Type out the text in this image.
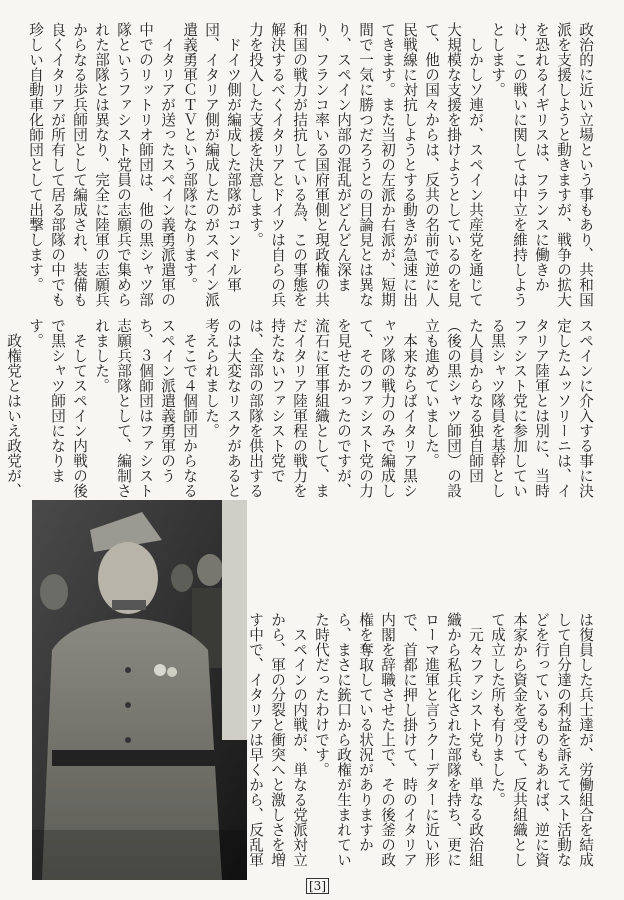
政治的に近い立場という事もあり、共和国派を支援しようと動きますが、戦争の拡大を恐れるイギリスは、フランスに働きかけ、この戦いに関しては中立を維持しようとします。
　しかしソ連が、スペイン共産党を通じて大規模な支援を掛けようとしているのを見て、他の国々からは、反共の名前で逆に人民戦線に対抗しようとする動きが急速に出てきます。また当初の左派か右派が、短期間で一気に勝つだろうとの目論見とは異なり、スペイン内部の混乱がどんどん深まり、フランコ率いる国府軍側と現政権の共和国の戦力が拮抗している為、この事態を解決するべくイタリアとドイツは自らの兵力を投入した支援を決意します。
　ドイツ側が編成した部隊がコンドル軍団、イタリア側が編成したのがスペイン派遣義勇軍ＣＴＶという部隊になります。
　イタリアが送ったスペイン義勇派遣軍の中でのリットリオ師団は、他の黒シャツ部隊というファシスト党員の志願兵で集められた部隊とは異なり、完全に陸軍の志願兵からなる歩兵師団として編成され、装備も良くイタリアが所有して居る部隊の中でも珍しい自動車化師団として出撃します。

スペインに介入する事に決定したムッソリーニは、イタリア陸軍とは別に、当時ファシスト党に参加している黒シャツ隊員を基幹とした人員からなる独自師団（後の黒シャツ師団）の設立も進めていました。
　本来ならばイタリア黒シャツ隊の戦力のみで編成して、そのファシスト党の力を見せたかったのですが、流石に軍事組織として、まだイタリア陸軍程の戦力を持たないファシスト党では、全部の部隊を供出するのは大変なリスクがあると考えられました。
　そこで４個師団からなるスペイン派遣義勇軍のうち、３個師団はファシスト志願兵部隊として、編制されました。
　そしてスペイン内戦の後で黒シャツ師団になります。
　政権党とはいえ政党が、

は復員した兵士達が、労働組合を結成して自分達の利益を訴えてスト活動などを行っているものもあれば、逆に資本家から資金を受けて、反共組織として成立した所も有りました。
　元々ファシスト党も、単なる政治組織から私兵化された部隊を持ち、更にローマ進軍と言うクーデターに近い形で、首都に押し掛けて、時のイタリア内閣を辞職させた上で、その後釜の政権を奪取している状況がありますから、まさに銃口から政権が生まれていた時代だったわけです。
　スペインの内戦が、単なる党派対立から、軍の分裂と衝突へと激しさを増す中で、イタリアは早くから、反乱軍

[3]
